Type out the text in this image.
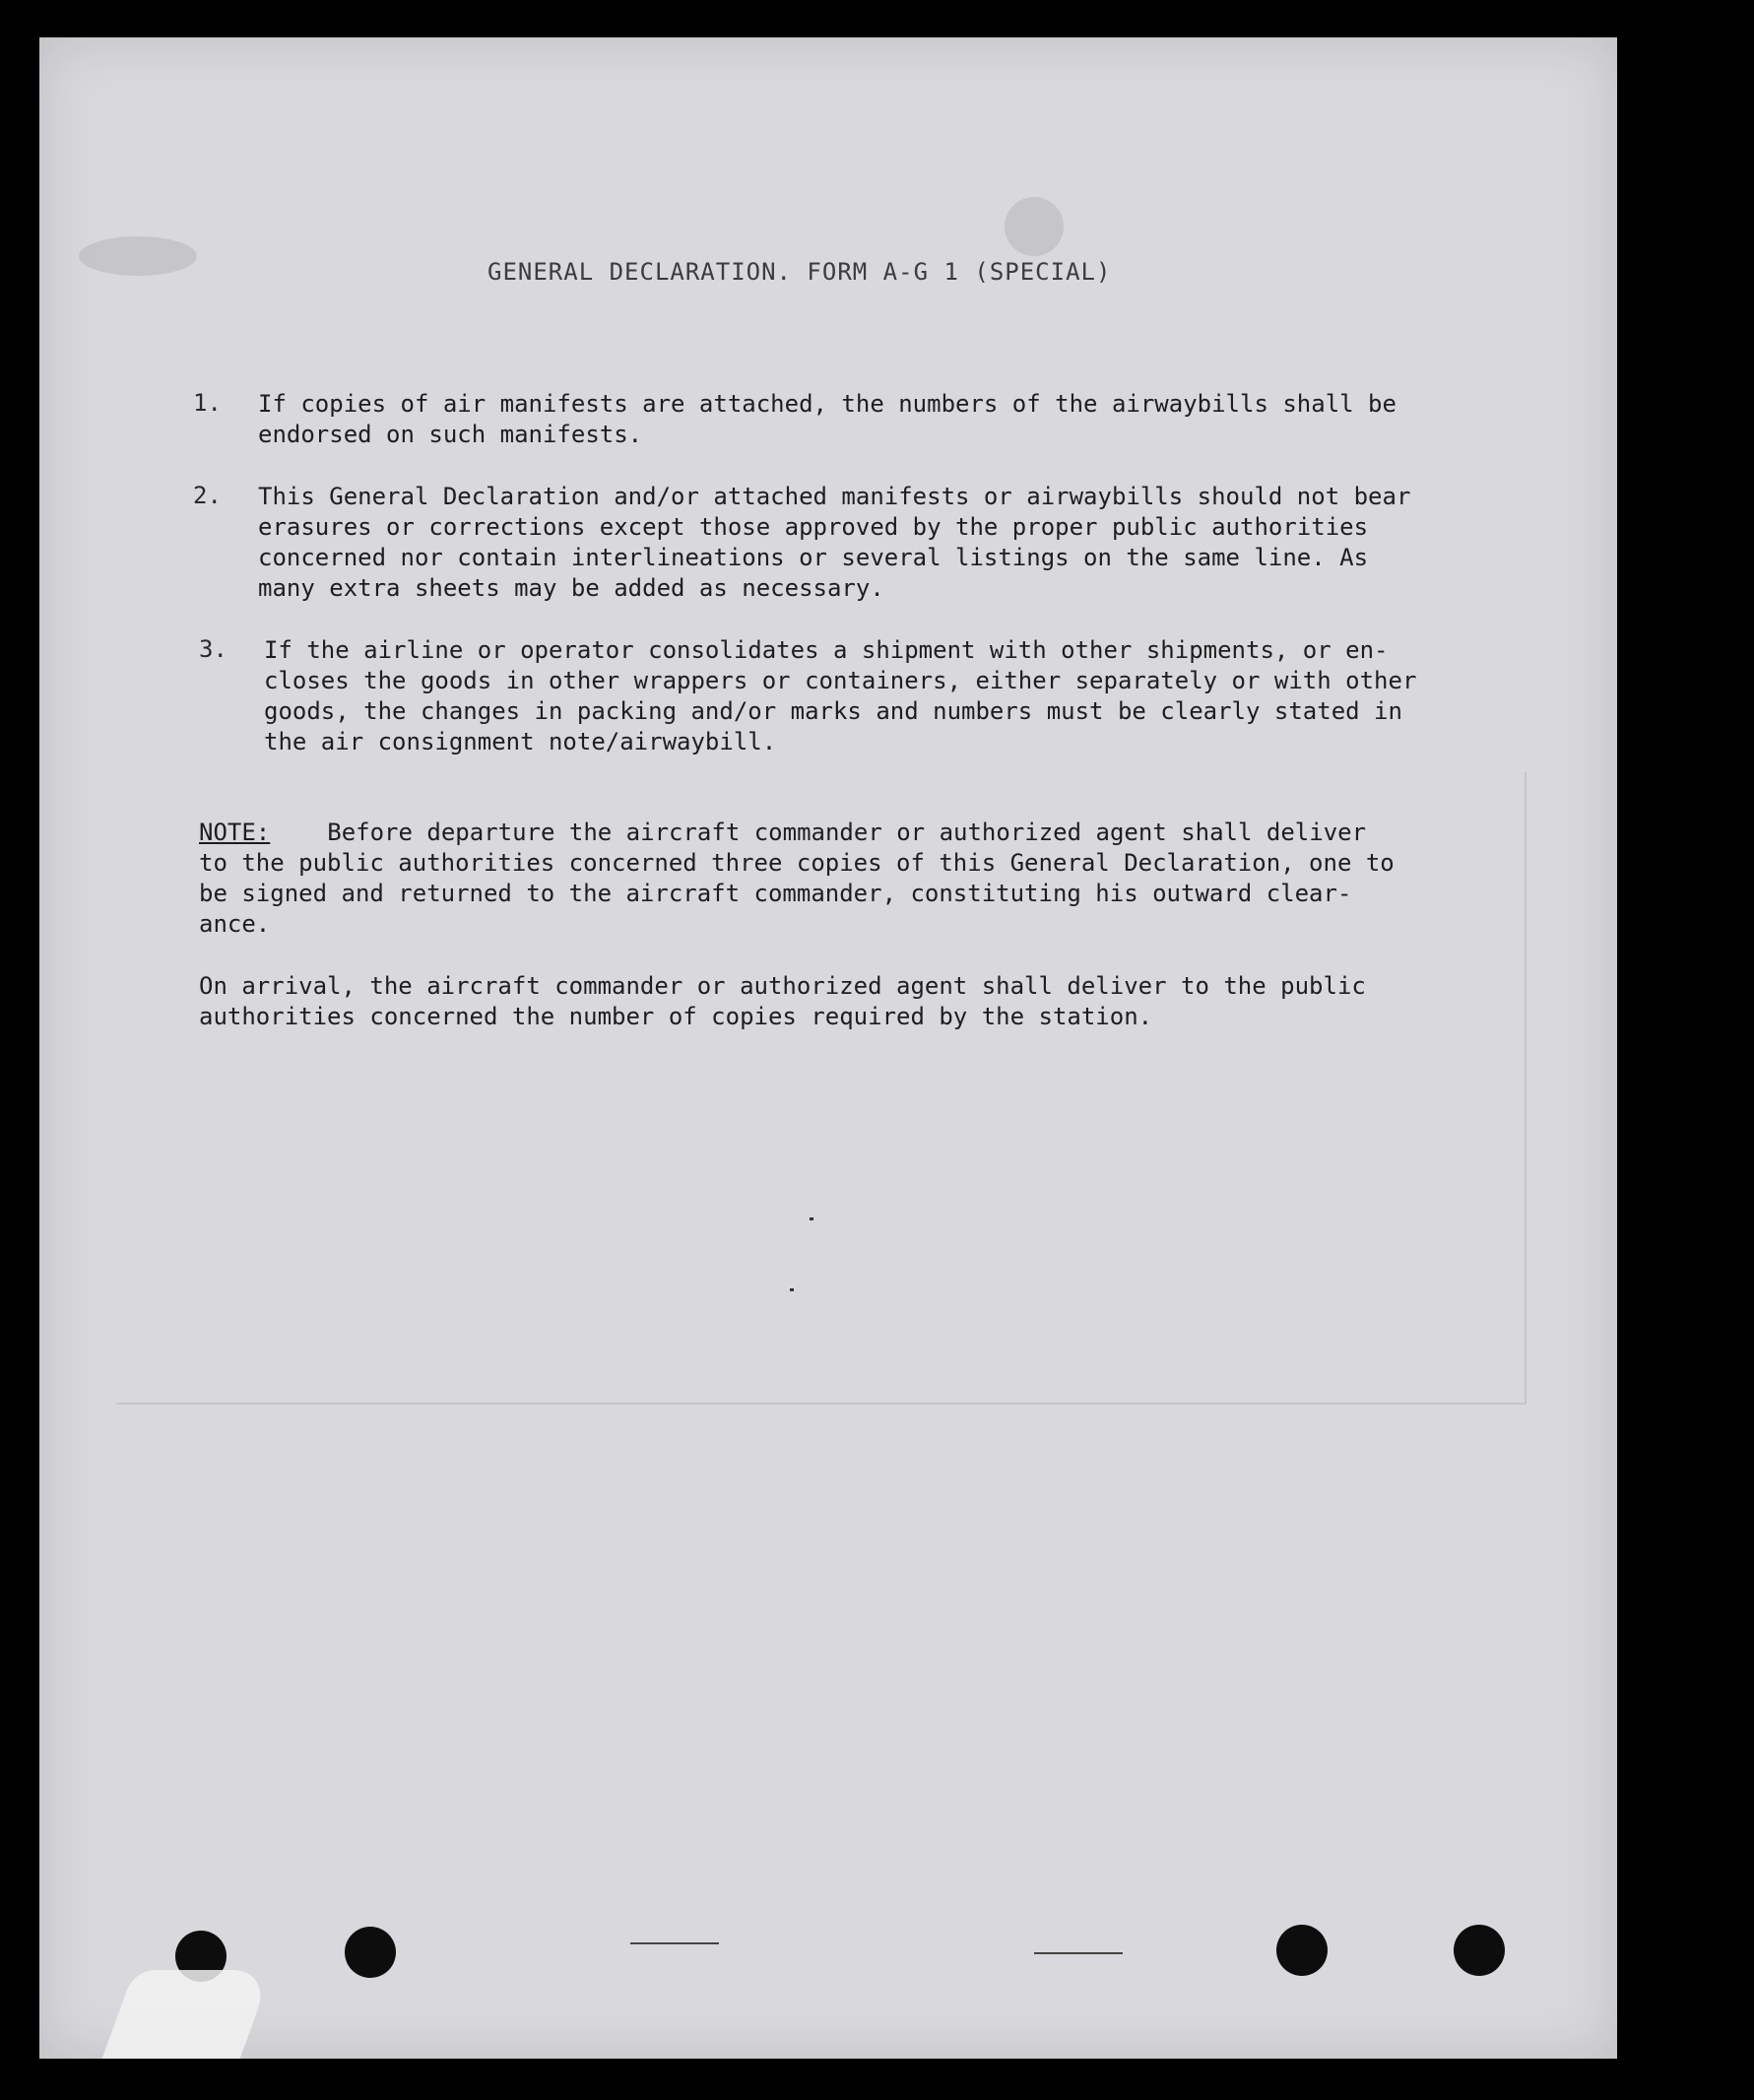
GENERAL DECLARATION. FORM A-G 1 (SPECIAL)
1. If copies of air manifests are attached, the numbers of the airwaybills shall be
endorsed on such manifests.
2. This General Declaration and/or attached manifests or airwaybills should not bear
erasures or corrections except those approved by the proper public authorities
concerned nor contain interlineations or several listings on the same line. As
many extra sheets may be added as necessary.
3. If the airline or operator consolidates a shipment with other shipments, or en-
closes the goods in other wrappers or containers, either separately or with other
goods, the changes in packing and/or marks and numbers must be clearly stated in
the air consignment note/airwaybill.
NOTE: Before departure the aircraft commander or authorized agent shall deliver
to the public authorities concerned three copies of this General Declaration, one to
be signed and returned to the aircraft commander, constituting his outward clear-
ance.
On arrival, the aircraft commander or authorized agent shall deliver to the public
authorities concerned the number of copies required by the station.
